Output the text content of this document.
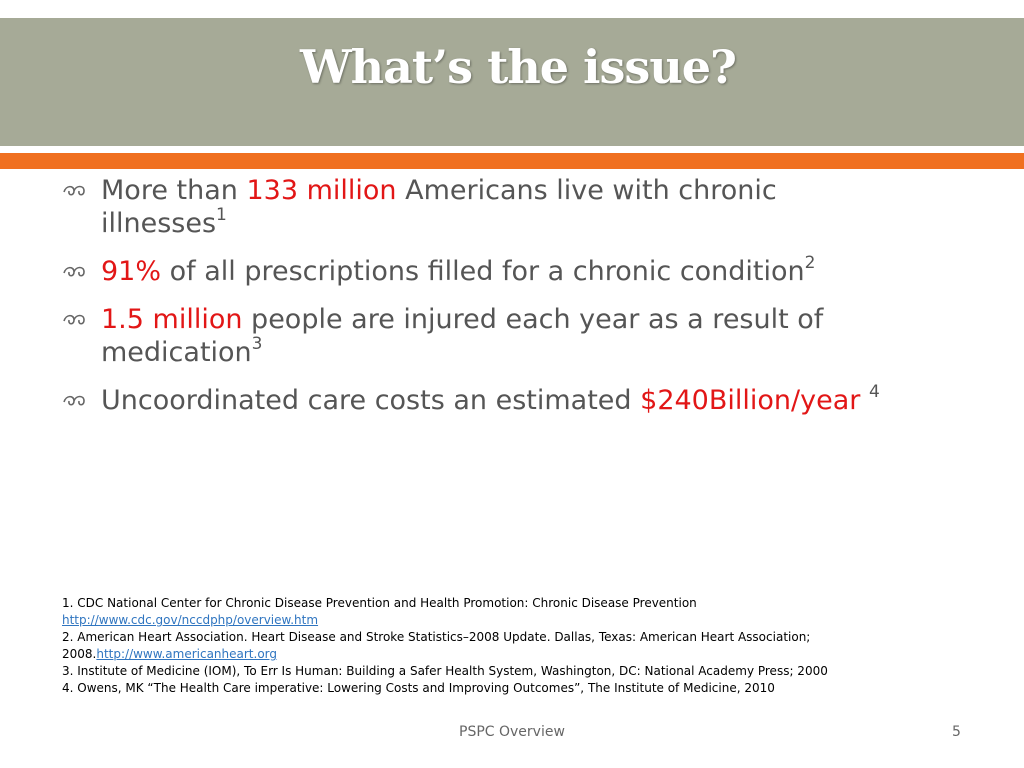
What’s the issue?
More than 133 million Americans live with chronic illnesses$^1$
91% of all prescriptions filled for a chronic condition$^2$
1.5 million people are injured each year as a result of medication$^3$
Uncoordinated care costs an estimated $240Billion/year $^4$
1. CDC National Center for Chronic Disease Prevention and Health Promotion: Chronic Disease Prevention
http://www.cdc.gov/nccdphp/overview.htm
2. American Heart Association. Heart Disease and Stroke Statistics–2008 Update. Dallas, Texas: American Heart Association;
2008.http://www.americanheart.org
3. Institute of Medicine (IOM), To Err Is Human: Building a Safer Health System, Washington, DC: National Academy Press; 2000
4. Owens, MK “The Health Care imperative: Lowering Costs and Improving Outcomes”, The Institute of Medicine, 2010
PSPC Overview	5
